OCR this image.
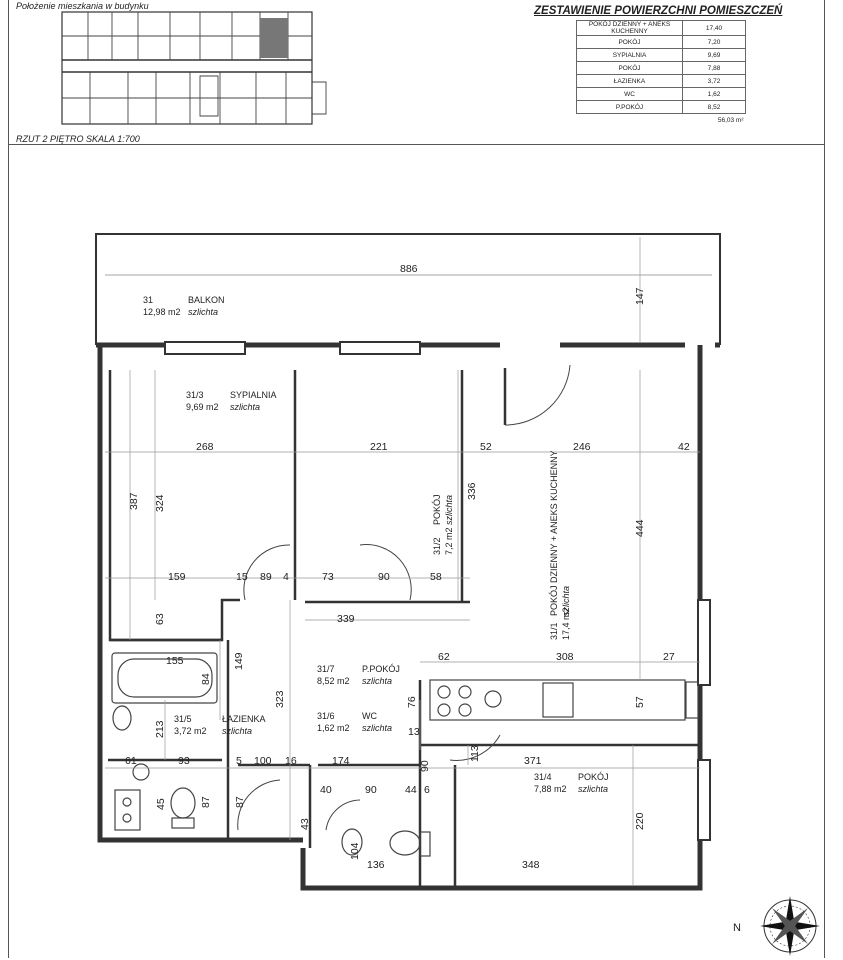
Położenie mieszkania w budynku
RZUT 2 PIĘTRO SKALA 1:700
ZESTAWIENIE POWIERZCHNI POMIESZCZEŃ
POKÓJ DZIENNY + ANEKS KUCHENNY	17,40
POKÓJ	7,20
SYPIALNIA	9,69
POKÓJ	7,88
ŁAZIENKA	3,72
WC	1,62
P.POKÓJ	8,52
	56,03 m²
31	BALKON
12,98 m2 szlichta
31/3	SYPIALNIA
9,69 m2 szlichta
31/2
POKÓJ
7,2 m2
szlichta
31/1
POKÓJ DZIENNY + ANEKS KUCHENNY
17,4 m2
szlichta
31/7	P.POKÓJ
8,52 m2 szlichta
31/6	WC
1,62 m2 szlichta
31/5	ŁAZIENKA
3,72 m2 szlichta
31/4	POKÓJ
7,88 m2 szlichta
886
147
268	221	52	246	42
387 324
336
444
159	15 89 4	73	90	58
339
63
155	149
84
62	308	27
76	57
323
213	13
113	371
220
61	93	5 100 16	174	90
45	87 87
40	90	44 6
43
104
136	348
N
